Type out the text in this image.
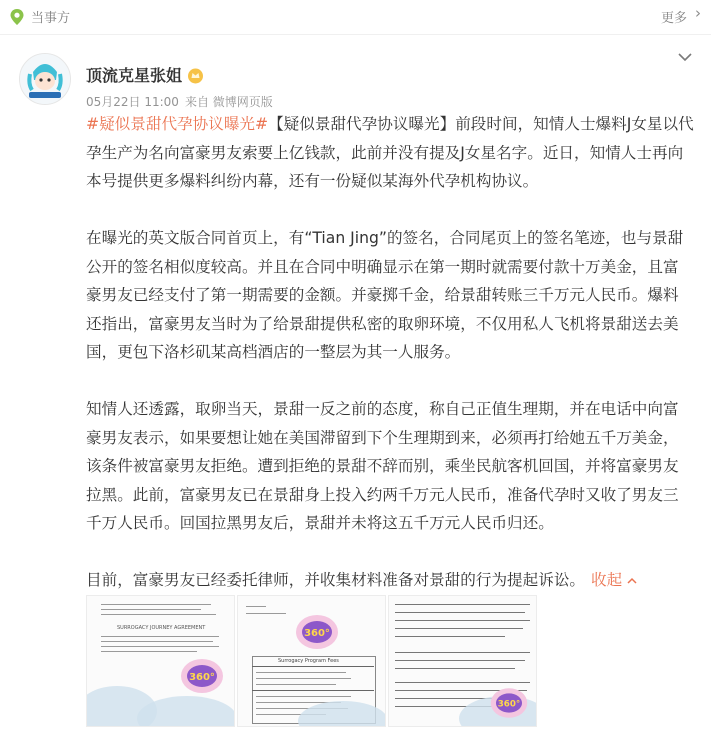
当事方	更多 ›
顶流克星张姐
05月22日 11:00 来自 微博网页版

#疑似景甜代孕协议曝光#【疑似景甜代孕协议曝光】前段时间，知情人士爆料J女星以代孕生产为名向富豪男友索要上亿钱款，此前并没有提及J女星名字。近日，知情人士再向本号提供更多爆料纠纷内幕，还有一份疑似某海外代孕机构协议。

在曝光的英文版合同首页上，有“Tian Jing”的签名，合同尾页上的签名笔迹，也与景甜公开的签名相似度较高。并且在合同中明确显示在第一期时就需要付款十万美金，且富豪男友已经支付了第一期需要的金额。并豪掷千金，给景甜转账三千万元人民币。爆料还指出，富豪男友当时为了给景甜提供私密的取卵环境，不仅用私人飞机将景甜送去美国，更包下洛杉矶某高档酒店的一整层为其一人服务。

知情人还透露，取卵当天，景甜一反之前的态度，称自己正值生理期，并在电话中向富豪男友表示，如果要想让她在美国滞留到下个生理期到来，必须再打给她五千万美金，该条件被富豪男友拒绝。遭到拒绝的景甜不辞而别，乘坐民航客机回国，并将富豪男友拉黑。此前，富豪男友已在景甜身上投入约两千万元人民币，准备代孕时又收了男友三千万人民币。回国拉黑男友后，景甜并未将这五千万元人民币归还。

目前，富豪男友已经委托律师，并收集材料准备对景甜的行为提起诉讼。 收起

SURROGACY JOURNEY AGREEMENT
360°
360°
Surrogacy Program Fees
360°
